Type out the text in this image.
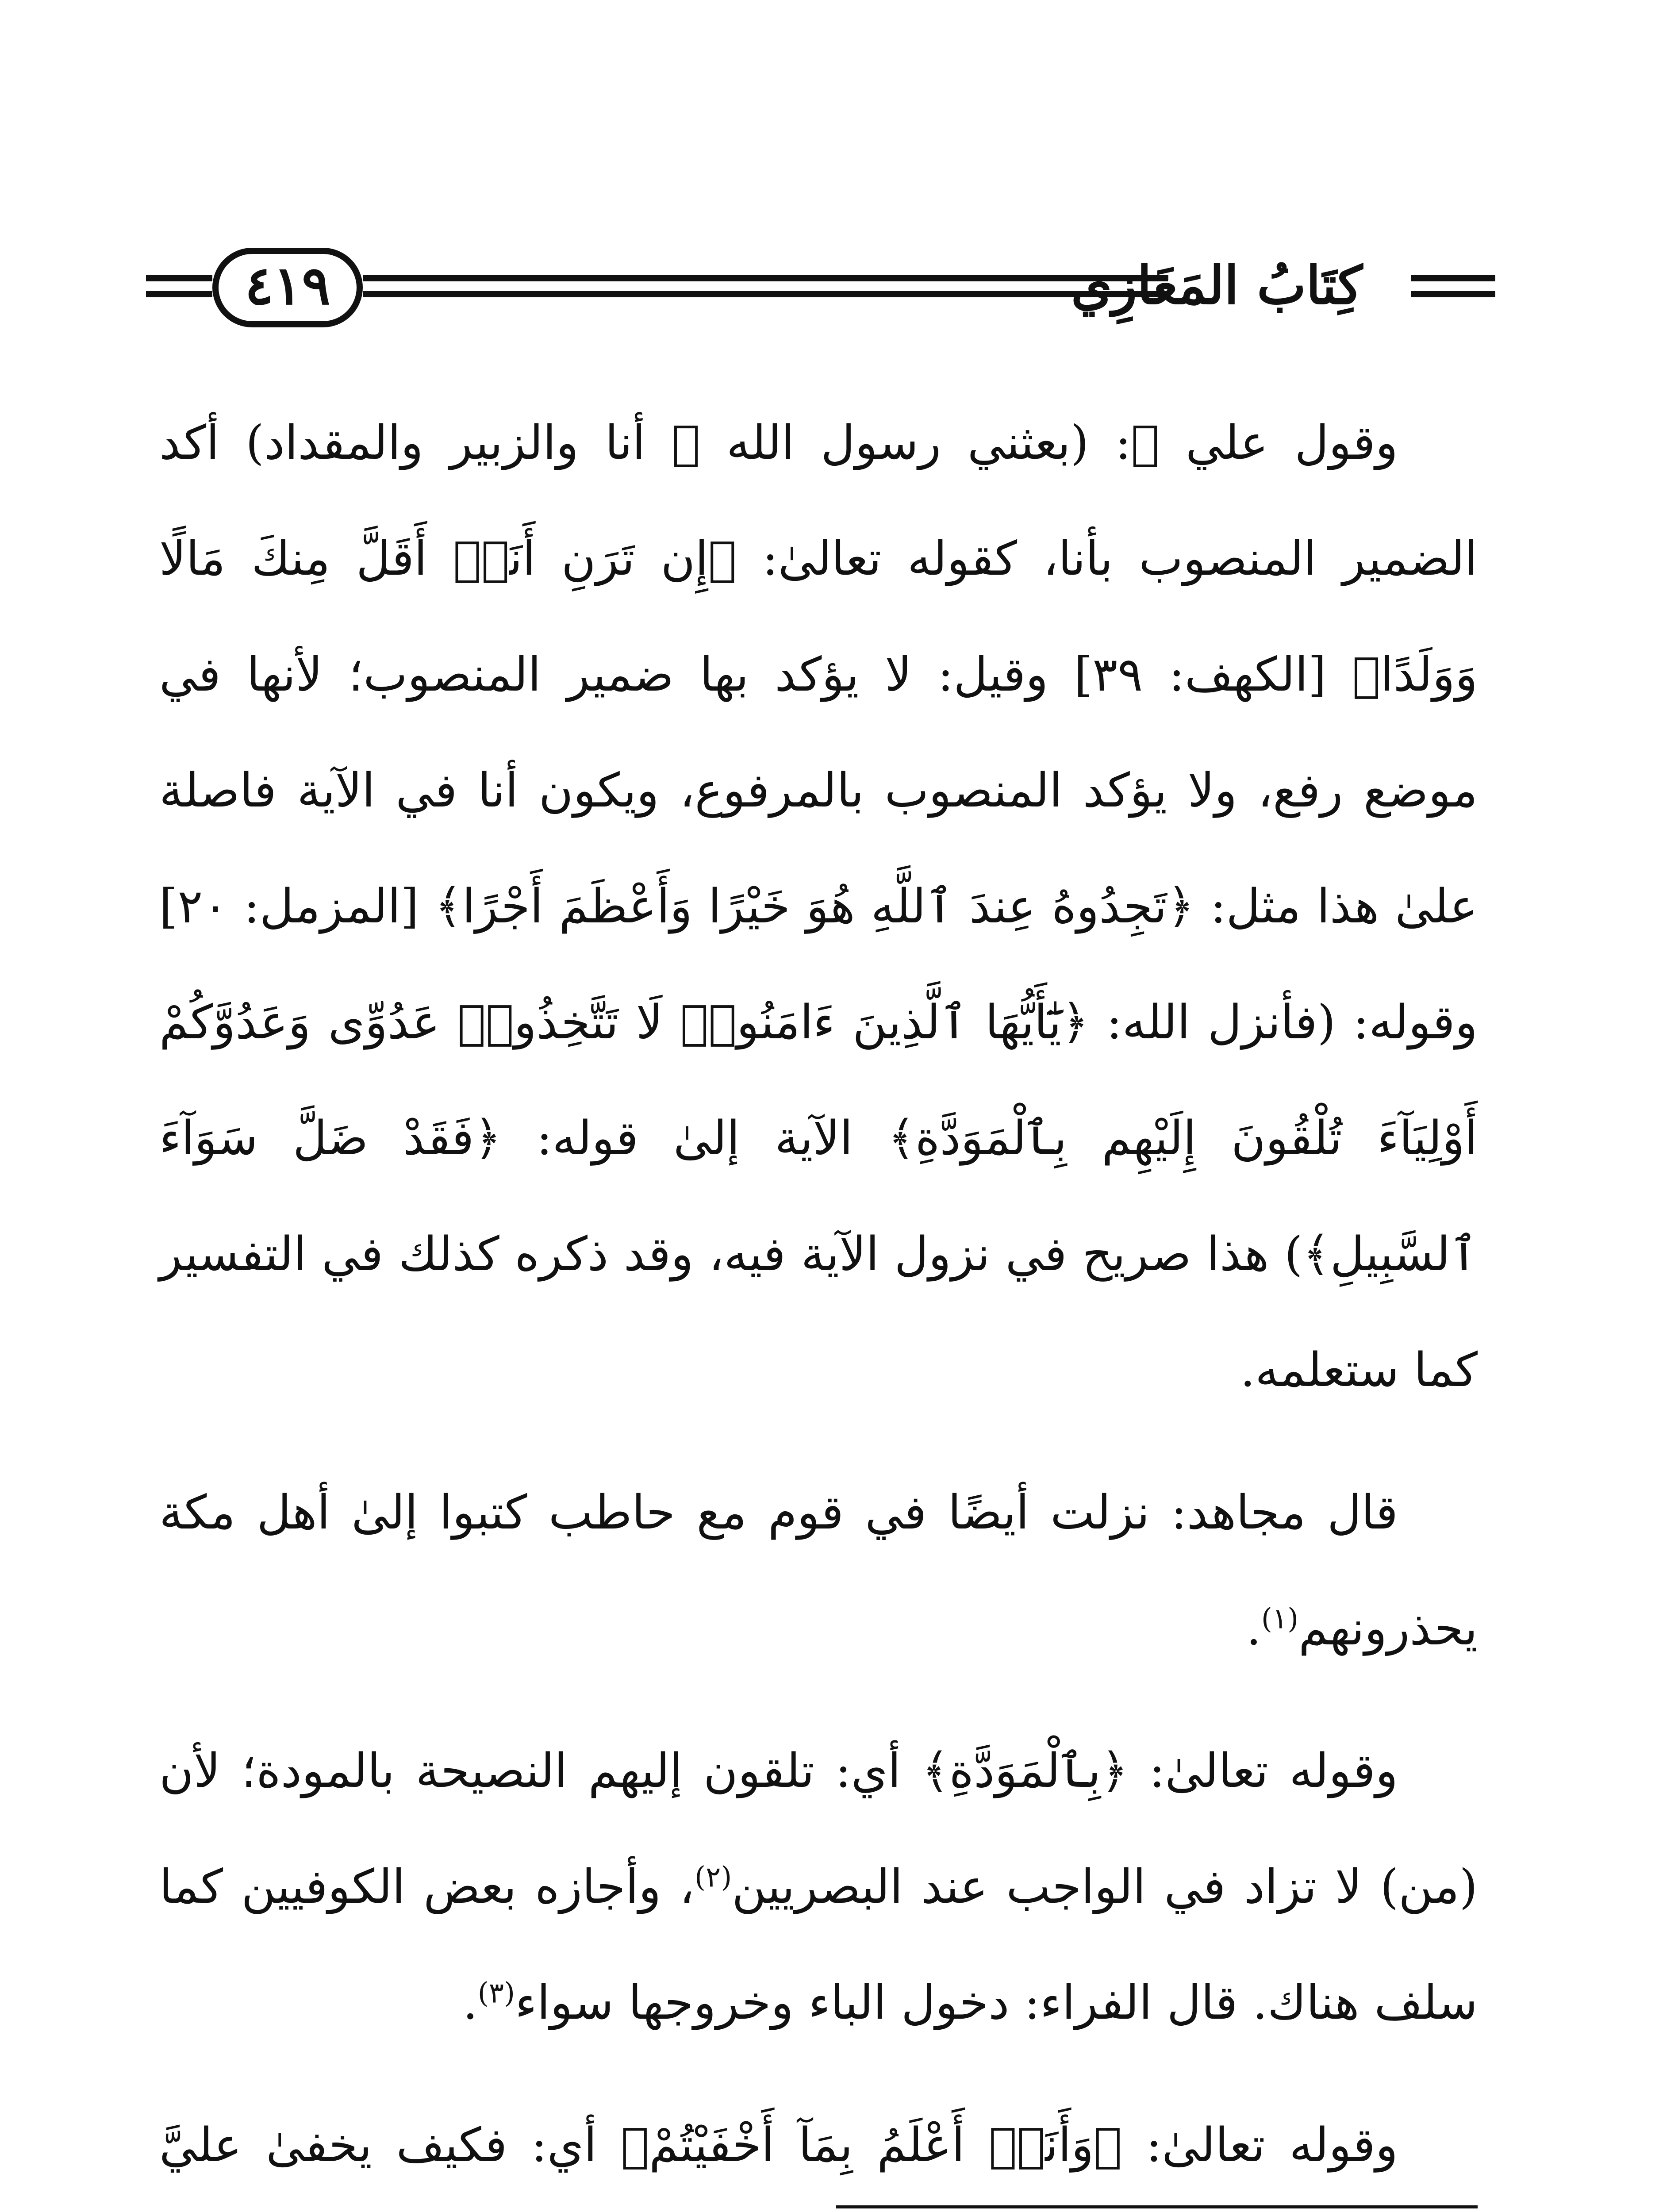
٤١٩	كِتَابُ المَغَازِي

وقول علي ﷺ: (بعثني رسول الله ﷺ أنا والزبير والمقداد) أكد الضمير المنصوب بأنا، كقوله تعالىٰ: ﴿إِن تَرَنِ أَنَا۠ أَقَلَّ مِنكَ مَالًا وَوَلَدًا﴾ [الكهف: ٣٩] وقيل: لا يؤكد بها ضمير المنصوب؛ لأنها في موضع رفع، ولا يؤكد المنصوب بالمرفوع، ويكون أنا في الآية فاصلة علىٰ هذا مثل: ﴿تَجِدُوهُ عِندَ ٱللَّهِ هُوَ خَيْرًا وَأَعْظَمَ أَجْرًا﴾ [المزمل: ٢٠] وقوله: (فأنزل الله: ﴿يَٰٓأَيُّهَا ٱلَّذِينَ ءَامَنُوا۟ لَا تَتَّخِذُوا۟ عَدُوِّى وَعَدُوَّكُمْ أَوْلِيَآءَ تُلْقُونَ إِلَيْهِم بِٱلْمَوَدَّةِ﴾ الآية إلىٰ قوله: ﴿فَقَدْ ضَلَّ سَوَآءَ ٱلسَّبِيلِ﴾) هذا صريح في نزول الآية فيه، وقد ذكره كذلك في التفسير كما ستعلمه.

قال مجاهد: نزلت أيضًا في قوم مع حاطب كتبوا إلىٰ أهل مكة يحذرونهم$^{(١)}$.

وقوله تعالىٰ: ﴿بِٱلْمَوَدَّةِ﴾ أي: تلقون إليهم النصيحة بالمودة؛ لأن (من) لا تزاد في الواجب عند البصريين$^{(٢)}$، وأجازه بعض الكوفيين كما سلف هناك. قال الفراء: دخول الباء وخروجها سواء$^{(٣)}$.

وقوله تعالىٰ: ﴿وَأَنَا۠ أَعْلَمُ بِمَآ أَخْفَيْتُمْ﴾ أي: فكيف يخفىٰ عليَّ
